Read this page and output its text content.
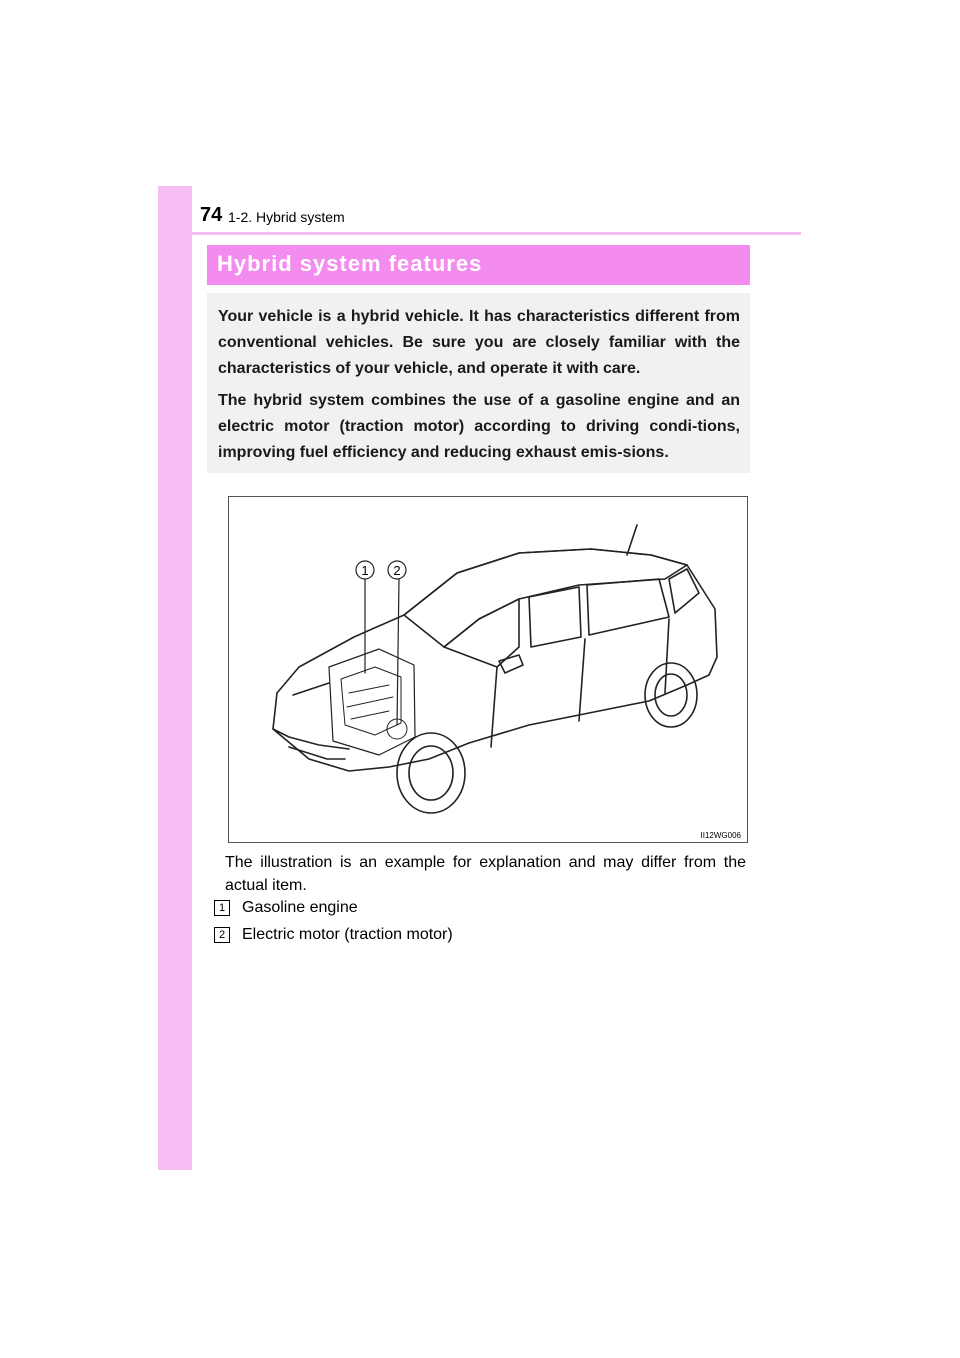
74 1-2. Hybrid system
Hybrid system features

Your vehicle is a hybrid vehicle. It has characteristics different from conventional vehicles. Be sure you are closely familiar with the characteristics of your vehicle, and operate it with care.

The hybrid system combines the use of a gasoline engine and an electric motor (traction motor) according to driving condi-tions, improving fuel efficiency and reducing exhaust emis-sions.

1 2
II12WG006
The illustration is an example for explanation and may differ from the actual item.
1	Gasoline engine
2	Electric motor (traction motor)
